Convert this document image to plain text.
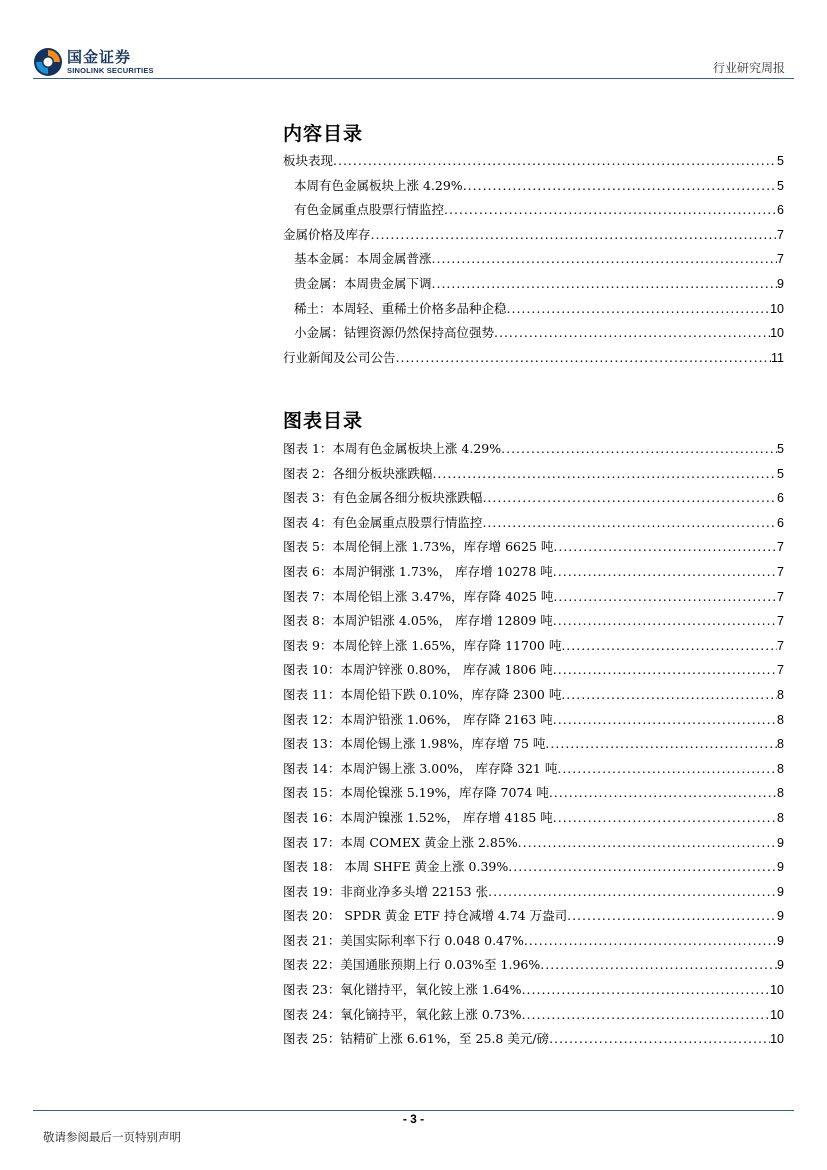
国金证券
SINOLINK SECURITIES	行业研究周报
内容目录
板块表现 .....	5
本周有色金属板块上涨 4.29% .....	5
有色金属重点股票行情监控 .....	6
金属价格及库存 .....	7
基本金属：本周金属普涨 .....	7
贵金属：本周贵金属下调 .....	9
稀土：本周轻、重稀土价格多品种企稳 .....	10
小金属：钴锂资源仍然保持高位强势 .....	10
行业新闻及公司公告 .....	11
图表目录
图表 1：本周有色金属板块上涨 4.29% .....	5
图表 2：各细分板块涨跌幅 .....	5
图表 3：有色金属各细分板块涨跌幅 .....	6
图表 4：有色金属重点股票行情监控 .....	6
图表 5：本周伦铜上涨 1.73%，库存增 6625 吨 .....	7
图表 6：本周沪铜涨 1.73%， 库存增 10278 吨 .....	7
图表 7：本周伦铝上涨 3.47%，库存降 4025 吨 .....	7
图表 8：本周沪铝涨 4.05%， 库存增 12809 吨 .....	7
图表 9：本周伦锌上涨 1.65%，库存降 11700 吨 .....	7
图表 10：本周沪锌涨 0.80%， 库存减 1806 吨 .....	7
图表 11：本周伦铅下跌 0.10%，库存降 2300 吨 .....	8
图表 12：本周沪铅涨 1.06%， 库存降 2163 吨 .....	8
图表 13：本周伦锡上涨 1.98%，库存增 75 吨 .....	8
图表 14：本周沪锡上涨 3.00%， 库存降 321 吨 .....	8
图表 15：本周伦镍涨 5.19%，库存降 7074 吨 .....	8
图表 16：本周沪镍涨 1.52%， 库存增 4185 吨 .....	8
图表 17：本周 COMEX 黄金上涨 2.85% .....	9
图表 18： 本周 SHFE 黄金上涨 0.39% .....	9
图表 19：非商业净多头增 22153 张 .....	9
图表 20： SPDR 黄金 ETF 持仓减增 4.74 万盎司 .....	9
图表 21：美国实际利率下行 0.048 0.47% .....	9
图表 22：美国通胀预期上行 0.03%至 1.96% .....	9
图表 23：氧化镨持平，氧化铵上涨 1.64% .....	10
图表 24：氧化镝持平，氧化鉉上涨 0.73% .....	10
图表 25：钴精矿上涨 6.61%，至 25.8 美元/磅 .....	10
- 3 -
敬请参阅最后一页特别声明
